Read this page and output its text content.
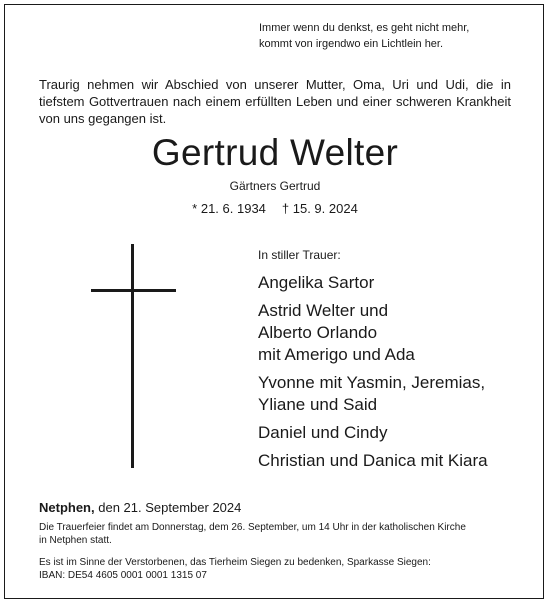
Immer wenn du denkst, es geht nicht mehr,
kommt von irgendwo ein Lichtlein her.
Traurig nehmen wir Abschied von unserer Mutter, Oma, Uri und Udi, die in tiefstem Gottvertrauen nach einem erfüllten Leben und einer schweren Krankheit von uns gegangen ist.
Gertrud Welter
Gärtners Gertrud
* 21. 6. 1934 † 15. 9. 2024
In stiller Trauer:
Angelika Sartor
Astrid Welter und
Alberto Orlando
mit Amerigo und Ada
Yvonne mit Yasmin, Jeremias,
Yliane und Said
Daniel und Cindy
Christian und Danica mit Kiara
Netphen, den 21. September 2024
Die Trauerfeier findet am Donnerstag, dem 26. September, um 14 Uhr in der katholischen Kirche
in Netphen statt.
Es ist im Sinne der Verstorbenen, das Tierheim Siegen zu bedenken, Sparkasse Siegen:
IBAN: DE54 4605 0001 0001 1315 07
